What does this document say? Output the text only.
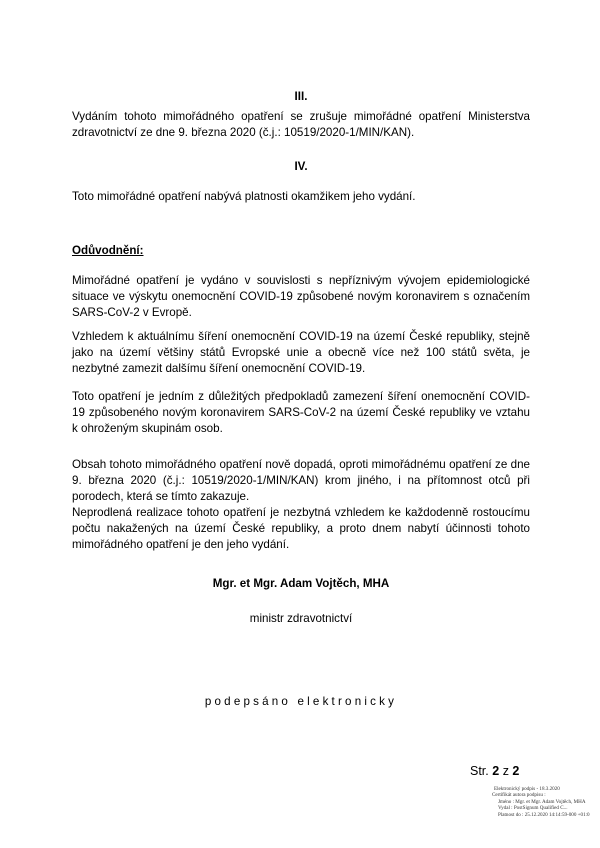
III.
Vydáním tohoto mimořádného opatření se zrušuje mimořádné opatření Ministerstva zdravotnictví ze dne 9. března 2020 (č.j.: 10519/2020-1/MIN/KAN).
IV.
Toto mimořádné opatření nabývá platnosti okamžikem jeho vydání.
Odůvodnění:
Mimořádné opatření je vydáno v souvislosti s nepříznivým vývojem epidemiologické situace ve výskytu onemocnění COVID-19 způsobené novým koronavirem s označením SARS-CoV-2 v Evropě.
Vzhledem k aktuálnímu šíření onemocnění COVID-19 na území České republiky, stejně jako na území většiny států Evropské unie a obecně více než 100 států světa, je nezbytné zamezit dalšímu šíření onemocnění COVID-19.
Toto opatření je jedním z důležitých předpokladů zamezení šíření onemocnění COVID-19 způsobeného novým koronavirem SARS-CoV-2 na území České republiky ve vztahu k ohroženým skupinám osob.
Obsah tohoto mimořádného opatření nově dopadá, oproti mimořádnému opatření ze dne 9. března 2020 (č.j.: 10519/2020-1/MIN/KAN) krom jiného, i na přítomnost otců při porodech, která se tímto zakazuje.
Neprodlená realizace tohoto opatření je nezbytná vzhledem ke každodenně rostoucímu počtu nakažených na území České republiky, a proto dnem nabytí účinnosti tohoto mimořádného opatření je den jeho vydání.
Mgr. et Mgr. Adam Vojtěch, MHA
ministr zdravotnictví
podepsáno elektronicky
Str. 2 z 2
Elektronický podpis - 18.3.2020
Certifikát autora podpisu :
Jméno : Mgr. et Mgr. Adam Vojtěch, MHA
Vydal : PostSignum Qualified C...
Platnost do : 25.12.2020 14:14:59-000 +01:0
